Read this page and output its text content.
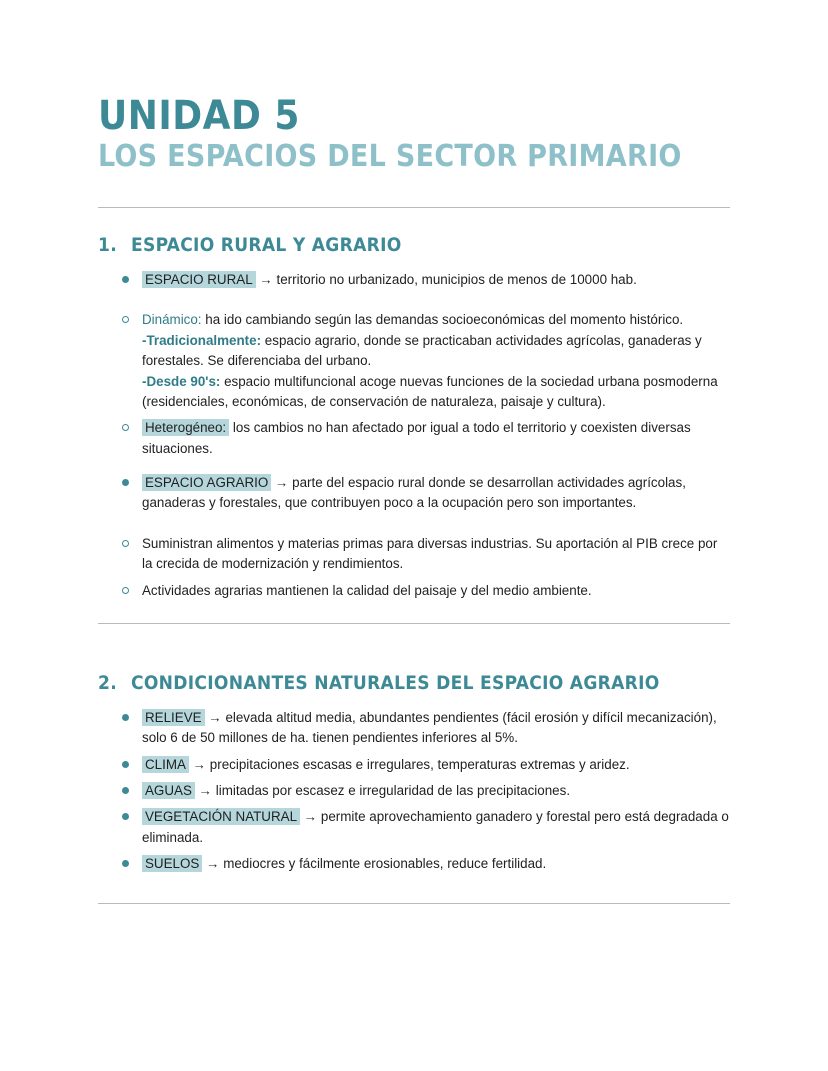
UNIDAD 5
LOS ESPACIOS DEL SECTOR PRIMARIO
1. ESPACIO RURAL Y AGRARIO
ESPACIO RURAL → territorio no urbanizado, municipios de menos de 10000 hab.
Dinámico: ha ido cambiando según las demandas socioeconómicas del momento histórico.
-Tradicionalmente: espacio agrario, donde se practicaban actividades agrícolas, ganaderas y forestales. Se diferenciaba del urbano.
-Desde 90's: espacio multifuncional acoge nuevas funciones de la sociedad urbana posmoderna (residenciales, económicas, de conservación de naturaleza, paisaje y cultura).
Heterogéneo: los cambios no han afectado por igual a todo el territorio y coexisten diversas situaciones.
ESPACIO AGRARIO → parte del espacio rural donde se desarrollan actividades agrícolas, ganaderas y forestales, que contribuyen poco a la ocupación pero son importantes.
Suministran alimentos y materias primas para diversas industrias. Su aportación al PIB crece por la crecida de modernización y rendimientos.
Actividades agrarias mantienen la calidad del paisaje y del medio ambiente.
2. CONDICIONANTES NATURALES DEL ESPACIO AGRARIO
RELIEVE → elevada altitud media, abundantes pendientes (fácil erosión y difícil mecanización), solo 6 de 50 millones de ha. tienen pendientes inferiores al 5%.
CLIMA → precipitaciones escasas e irregulares, temperaturas extremas y aridez.
AGUAS → limitadas por escasez e irregularidad de las precipitaciones.
VEGETACIÓN NATURAL → permite aprovechamiento ganadero y forestal pero está degradada o eliminada.
SUELOS → mediocres y fácilmente erosionables, reduce fertilidad.
